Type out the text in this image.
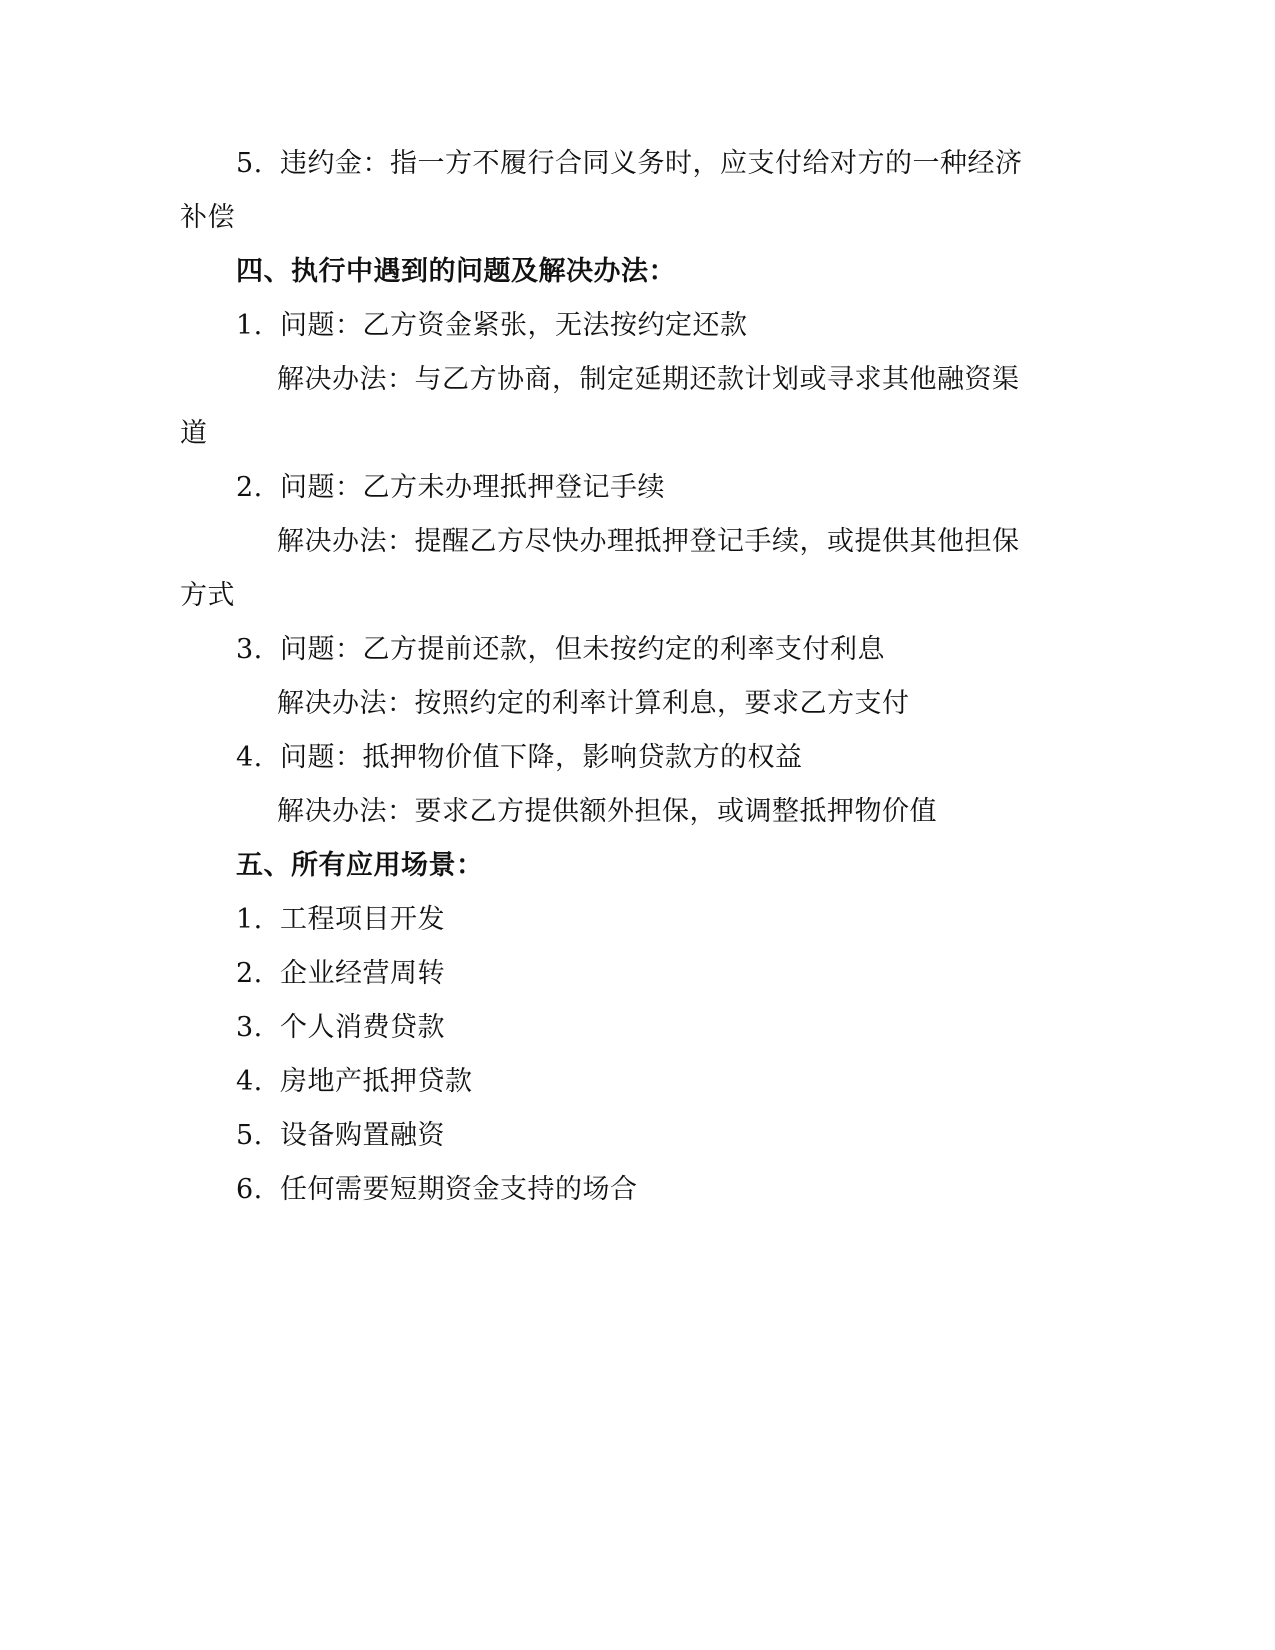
5. 违约金：指一方不履行合同义务时，应支付给对方的一种经济
补偿
四、执行中遇到的问题及解决办法：
1. 问题：乙方资金紧张，无法按约定还款
解决办法：与乙方协商，制定延期还款计划或寻求其他融资渠
道
2. 问题：乙方未办理抵押登记手续
解决办法：提醒乙方尽快办理抵押登记手续，或提供其他担保
方式
3. 问题：乙方提前还款，但未按约定的利率支付利息
解决办法：按照约定的利率计算利息，要求乙方支付
4. 问题：抵押物价值下降，影响贷款方的权益
解决办法：要求乙方提供额外担保，或调整抵押物价值
五、所有应用场景：
1. 工程项目开发
2. 企业经营周转
3. 个人消费贷款
4. 房地产抵押贷款
5. 设备购置融资
6. 任何需要短期资金支持的场合
